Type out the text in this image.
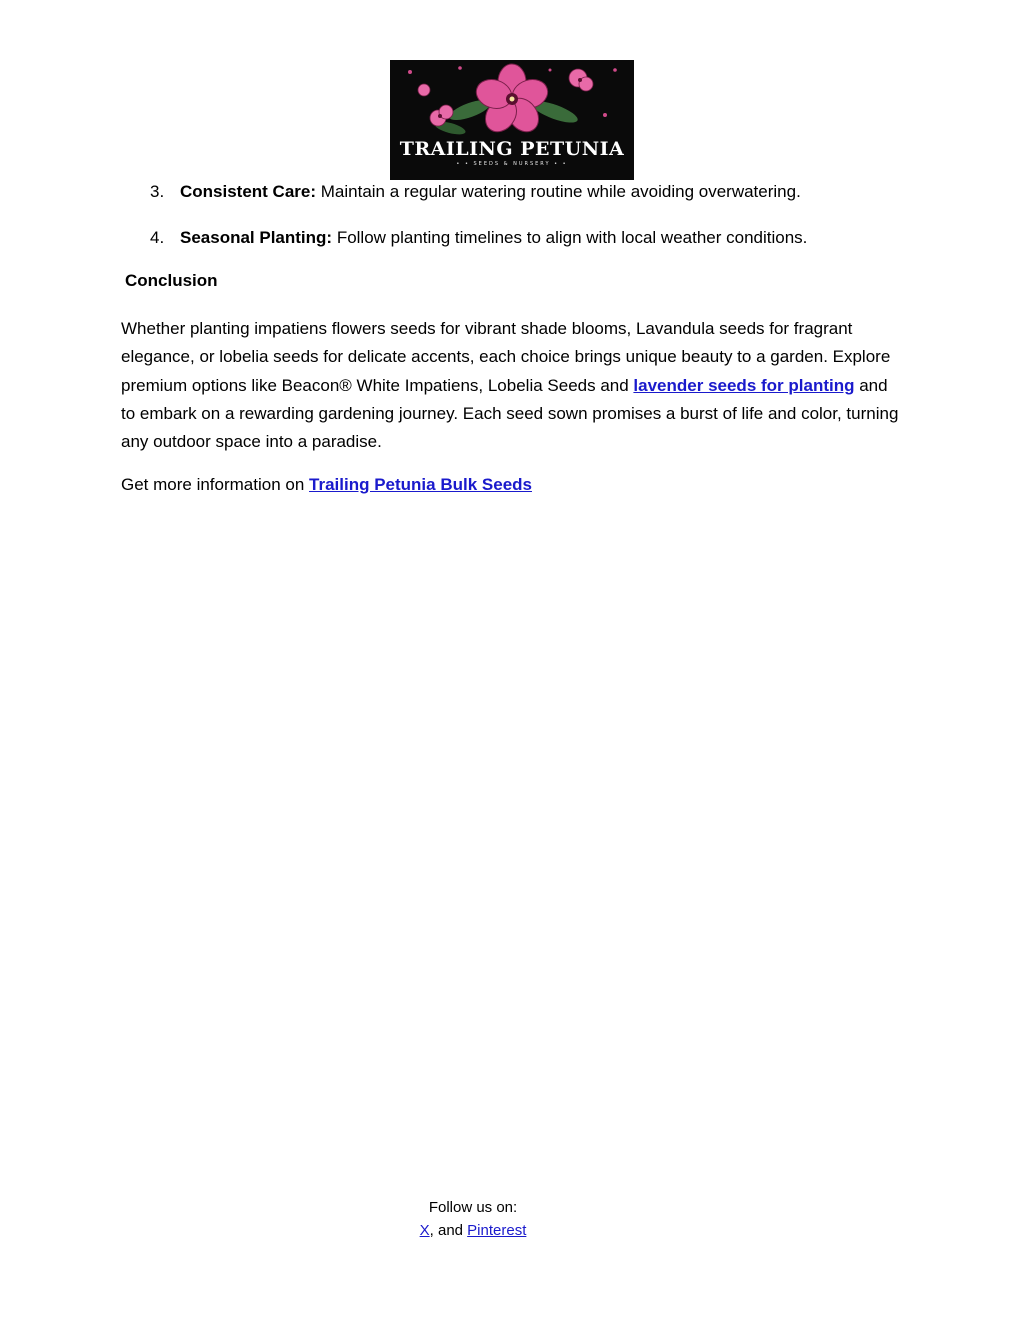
TRAILING PETUNIA
• • SEEDS & NURSERY • •
3. Consistent Care: Maintain a regular watering routine while avoiding overwatering.
4. Seasonal Planting: Follow planting timelines to align with local weather conditions.
Conclusion

Whether planting impatiens flowers seeds for vibrant shade blooms, Lavandula seeds for fragrant elegance, or lobelia seeds for delicate accents, each choice brings unique beauty to a garden. Explore premium options like Beacon® White Impatiens, Lobelia Seeds and lavender seeds for planting and to embark on a rewarding gardening journey. Each seed sown promises a burst of life and color, turning any outdoor space into a paradise.

Get more information on Trailing Petunia Bulk Seeds

Follow us on:
X, and Pinterest
